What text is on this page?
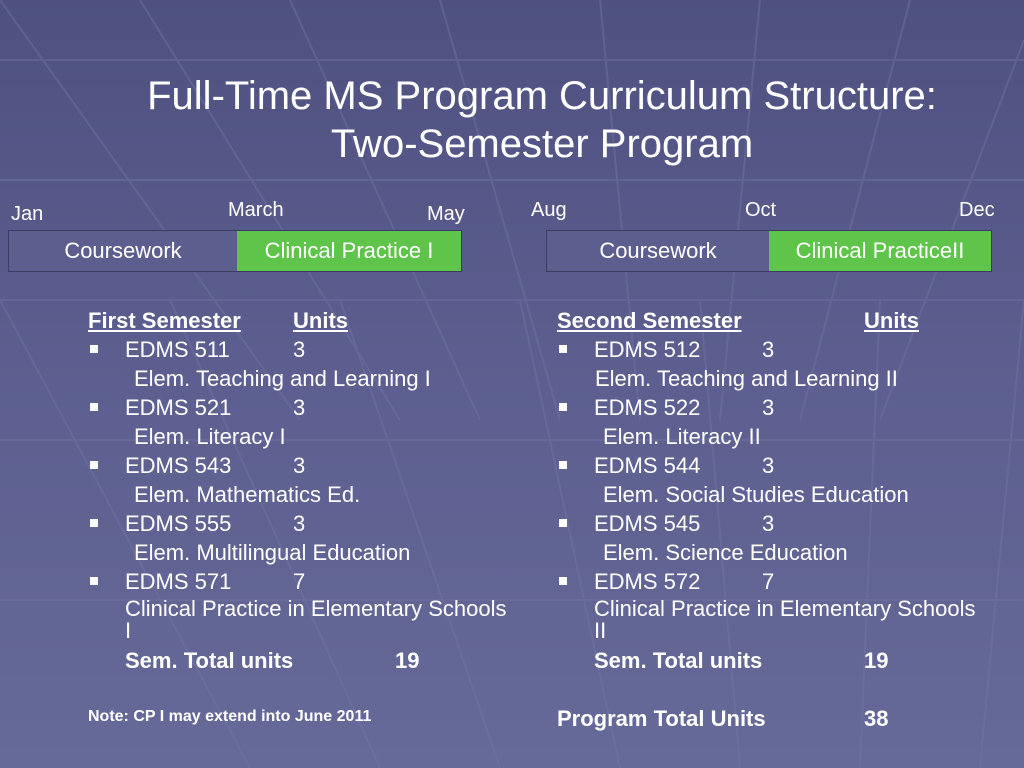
Full-Time MS Program Curriculum Structure:
Two-Semester Program
Jan	March	May	Aug	Oct	Dec
Coursework	Clinical Practice I	Coursework	Clinical PracticeII
First Semester Units
EDMS 511	3
Elem. Teaching and Learning I
EDMS 521	3
Elem. Literacy I
EDMS 543	3
Elem. Mathematics Ed.
EDMS 555	3
Elem. Multilingual Education
EDMS 571	7
Clinical Practice in Elementary Schools I
Sem. Total units	19
Note: CP I may extend into June 2011
Second Semester	Units
EDMS 512	3
Elem. Teaching and Learning II
EDMS 522	3
Elem. Literacy II
EDMS 544	3
Elem. Social Studies Education
EDMS 545	3
Elem. Science Education
EDMS 572	7
Clinical Practice in Elementary Schools II
Sem. Total units	19
Program Total Units	38
